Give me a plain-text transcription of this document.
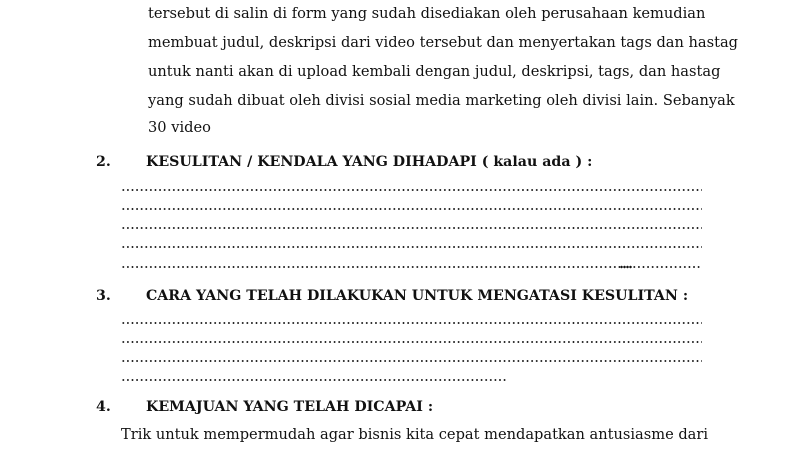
tersebut di salin di form yang sudah disediakan oleh perusahaan kemudian
membuat judul, deskripsi dari video tersebut dan menyertakan tags dan hastag
untuk nanti akan di upload kembali dengan judul, deskripsi, tags, dan hastag
yang sudah dibuat oleh divisi sosial media marketing oleh divisi lain. Sebanyak
30 video
2. KESULITAN / KENDALA YANG DIHADAPI ( kalau ada ) :
3. CARA YANG TELAH DILAKUKAN UNTUK MENGATASI KESULITAN :
4. KEMAJUAN YANG TELAH DICAPAI :
Trik untuk mempermudah agar bisnis kita cepat mendapatkan antusiasme dari
